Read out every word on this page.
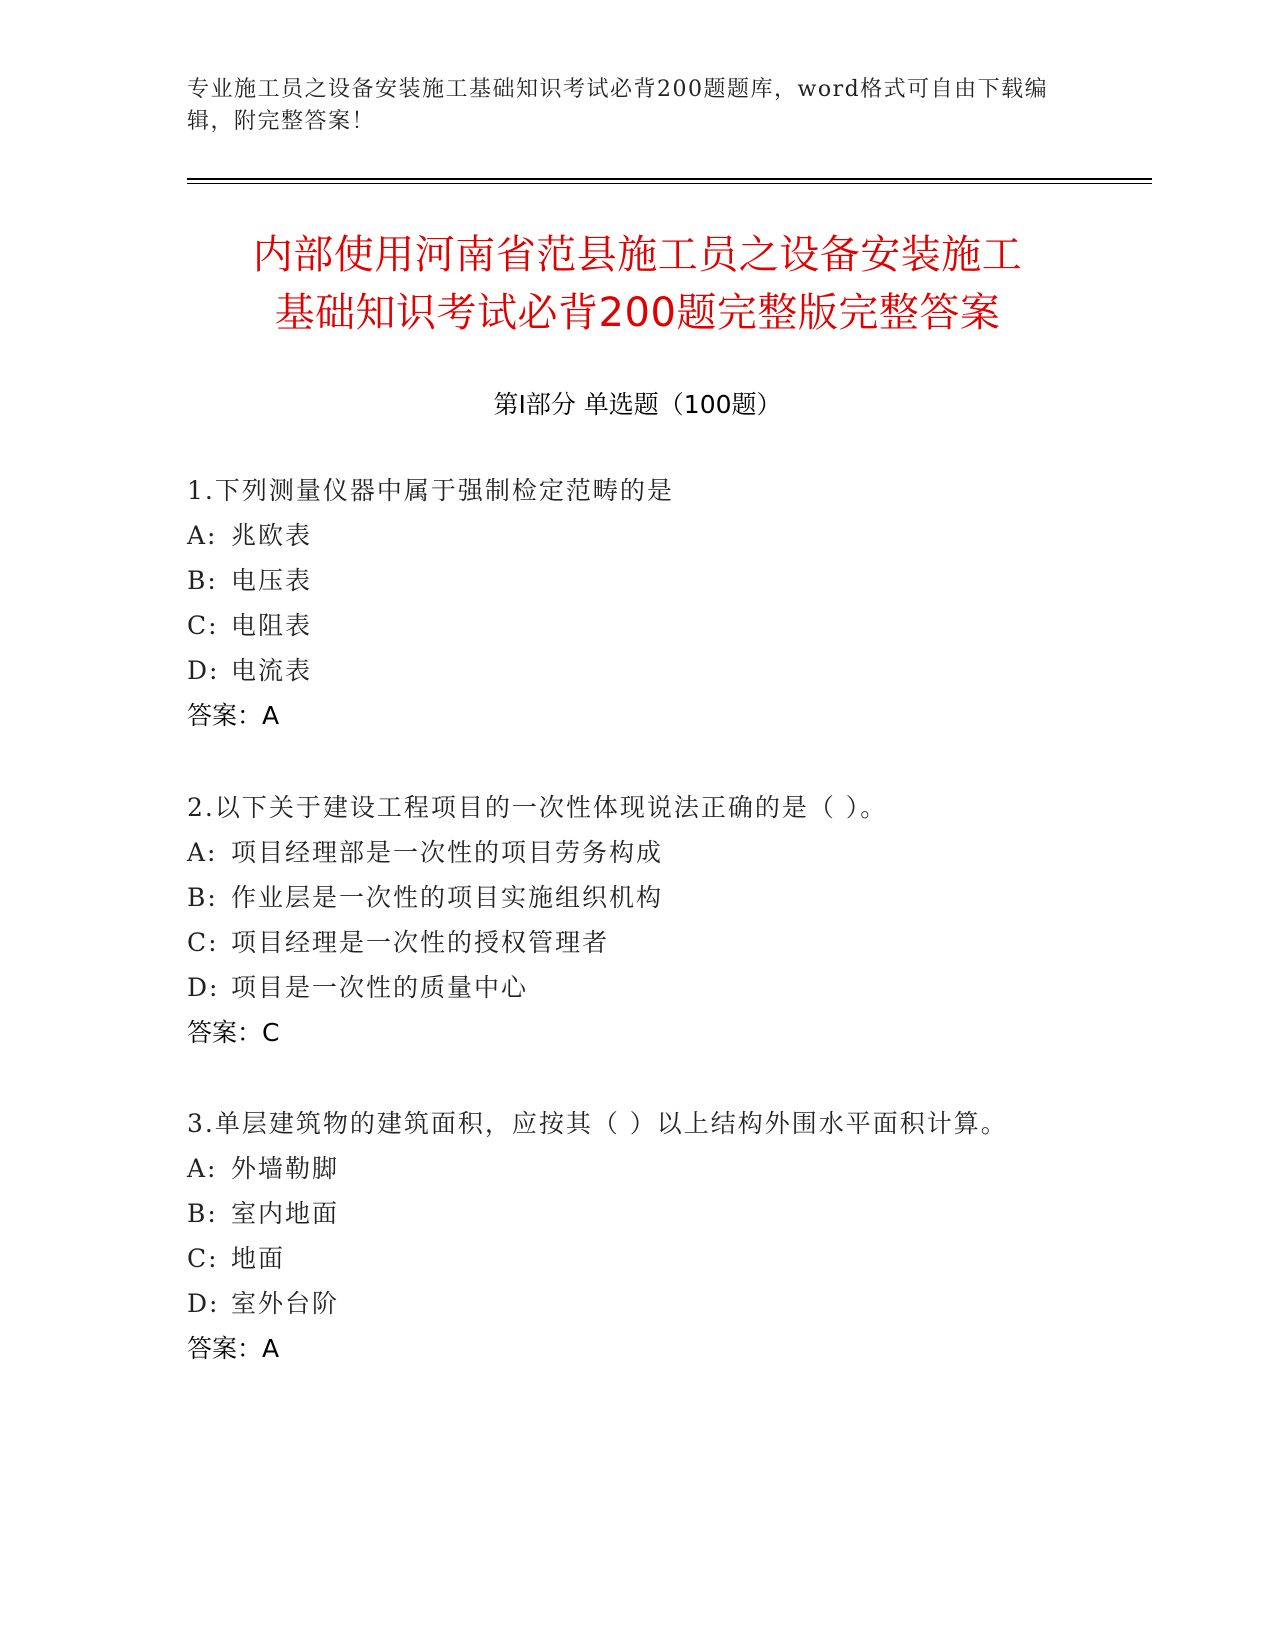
专业施工员之设备安装施工基础知识考试必背200题题库，word格式可自由下载编辑，附完整答案！
内部使用河南省范县施工员之设备安装施工
基础知识考试必背200题完整版完整答案
第Ⅰ部分 单选题（100题）
1.下列测量仪器中属于强制检定范畴的是
A: 兆欧表
B: 电压表
C: 电阻表
D: 电流表
答案：A
2.以下关于建设工程项目的一次性体现说法正确的是（ ）。
A: 项目经理部是一次性的项目劳务构成
B: 作业层是一次性的项目实施组织机构
C: 项目经理是一次性的授权管理者
D: 项目是一次性的质量中心
答案：C
3.单层建筑物的建筑面积，应按其（ ）以上结构外围水平面积计算。
A: 外墙勒脚
B: 室内地面
C: 地面
D: 室外台阶
答案：A
